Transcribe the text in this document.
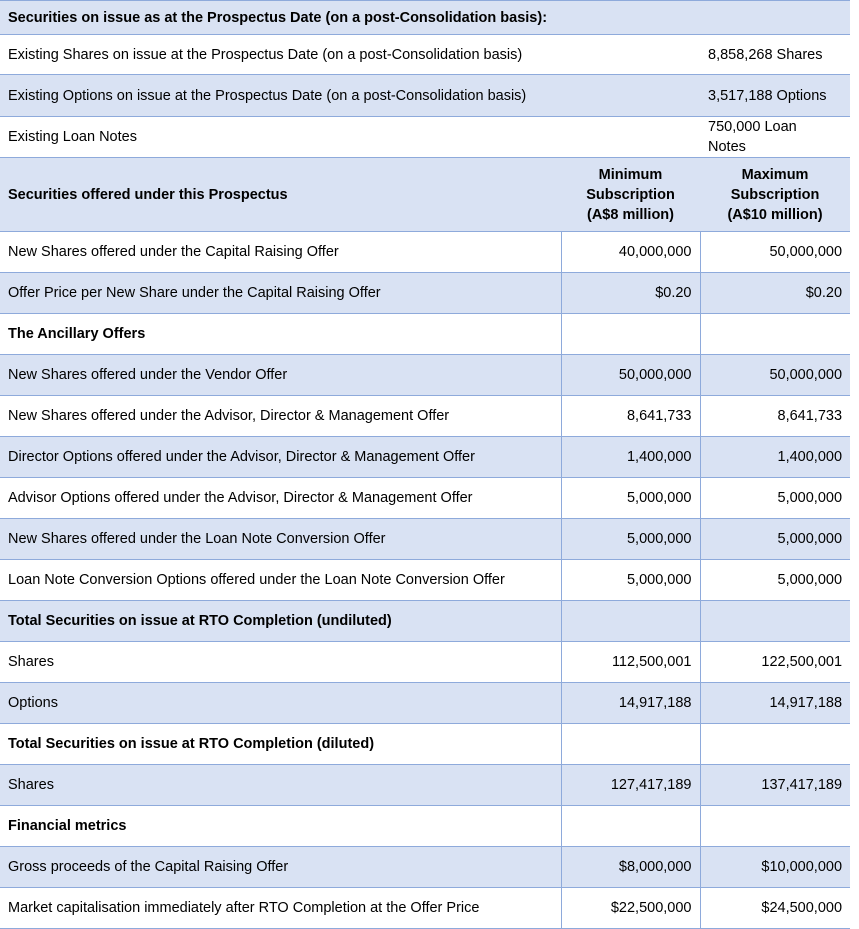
Securities on issue as at the Prospectus Date (on a post-Consolidation basis):		
Existing Shares on issue at the Prospectus Date (on a post-Consolidation basis)		8,858,268 Shares
Existing Options on issue at the Prospectus Date (on a post-Consolidation basis)		3,517,188 Options
Existing Loan Notes		750,000 Loan Notes

Securities offered under this Prospectus	Minimum Subscription (A$8 million)	Maximum Subscription (A$10 million)

New Shares offered under the Capital Raising Offer	40,000,000	50,000,000
Offer Price per New Share under the Capital Raising Offer	$0.20	$0.20
The Ancillary Offers		
New Shares offered under the Vendor Offer	50,000,000	50,000,000
New Shares offered under the Advisor, Director & Management Offer	8,641,733	8,641,733
Director Options offered under the Advisor, Director & Management Offer	1,400,000	1,400,000
Advisor Options offered under the Advisor, Director & Management Offer	5,000,000	5,000,000
New Shares offered under the Loan Note Conversion Offer	5,000,000	5,000,000
Loan Note Conversion Options offered under the Loan Note Conversion Offer	5,000,000	5,000,000
Total Securities on issue at RTO Completion (undiluted)		
Shares	112,500,001	122,500,001
Options	14,917,188	14,917,188
Total Securities on issue at RTO Completion (diluted)		
Shares	127,417,189	137,417,189
Financial metrics		
Gross proceeds of the Capital Raising Offer	$8,000,000	$10,000,000
Market capitalisation immediately after RTO Completion at the Offer Price	$22,500,000	$24,500,000
